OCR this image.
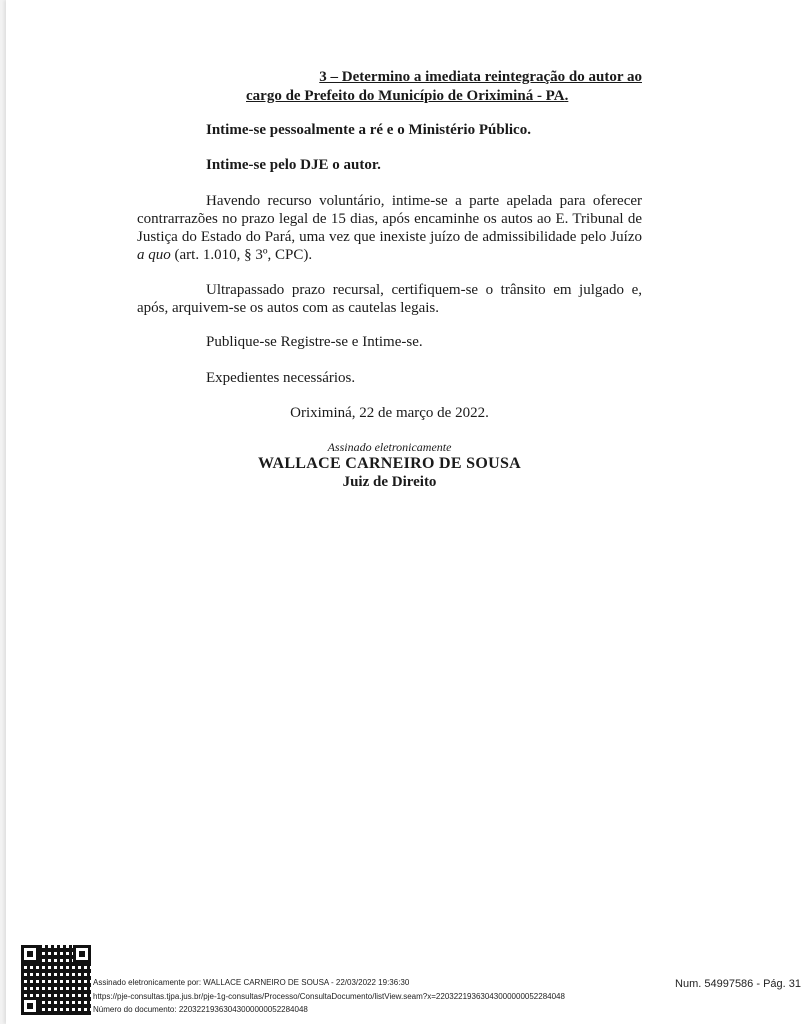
3 – Determino a imediata reintegração do autor ao
cargo de Prefeito do Município de Oriximiná - PA.
Intime-se pessoalmente a ré e o Ministério Público.
Intime-se pelo DJE o autor.
Havendo recurso voluntário, intime-se a parte apelada para oferecer contrarrazões no prazo legal de 15 dias, após encaminhe os autos ao E. Tribunal de Justiça do Estado do Pará, uma vez que inexiste juízo de admissibilidade pelo Juízo a quo (art. 1.010, § 3º, CPC).
Ultrapassado prazo recursal, certifiquem-se o trânsito em julgado e, após, arquivem-se os autos com as cautelas legais.
Publique-se Registre-se e Intime-se.
Expedientes necessários.
Oriximiná, 22 de março de 2022.
Assinado eletronicamente
WALLACE CARNEIRO DE SOUSA
Juiz de Direito
Assinado eletronicamente por: WALLACE CARNEIRO DE SOUSA - 22/03/2022 19:36:30
https://pje-consultas.tjpa.jus.br/pje-1g-consultas/Processo/ConsultaDocumento/listView.seam?x=22032219363043000000052284048
Número do documento: 22032219363043000000052284048
Num. 54997586 - Pág. 31
